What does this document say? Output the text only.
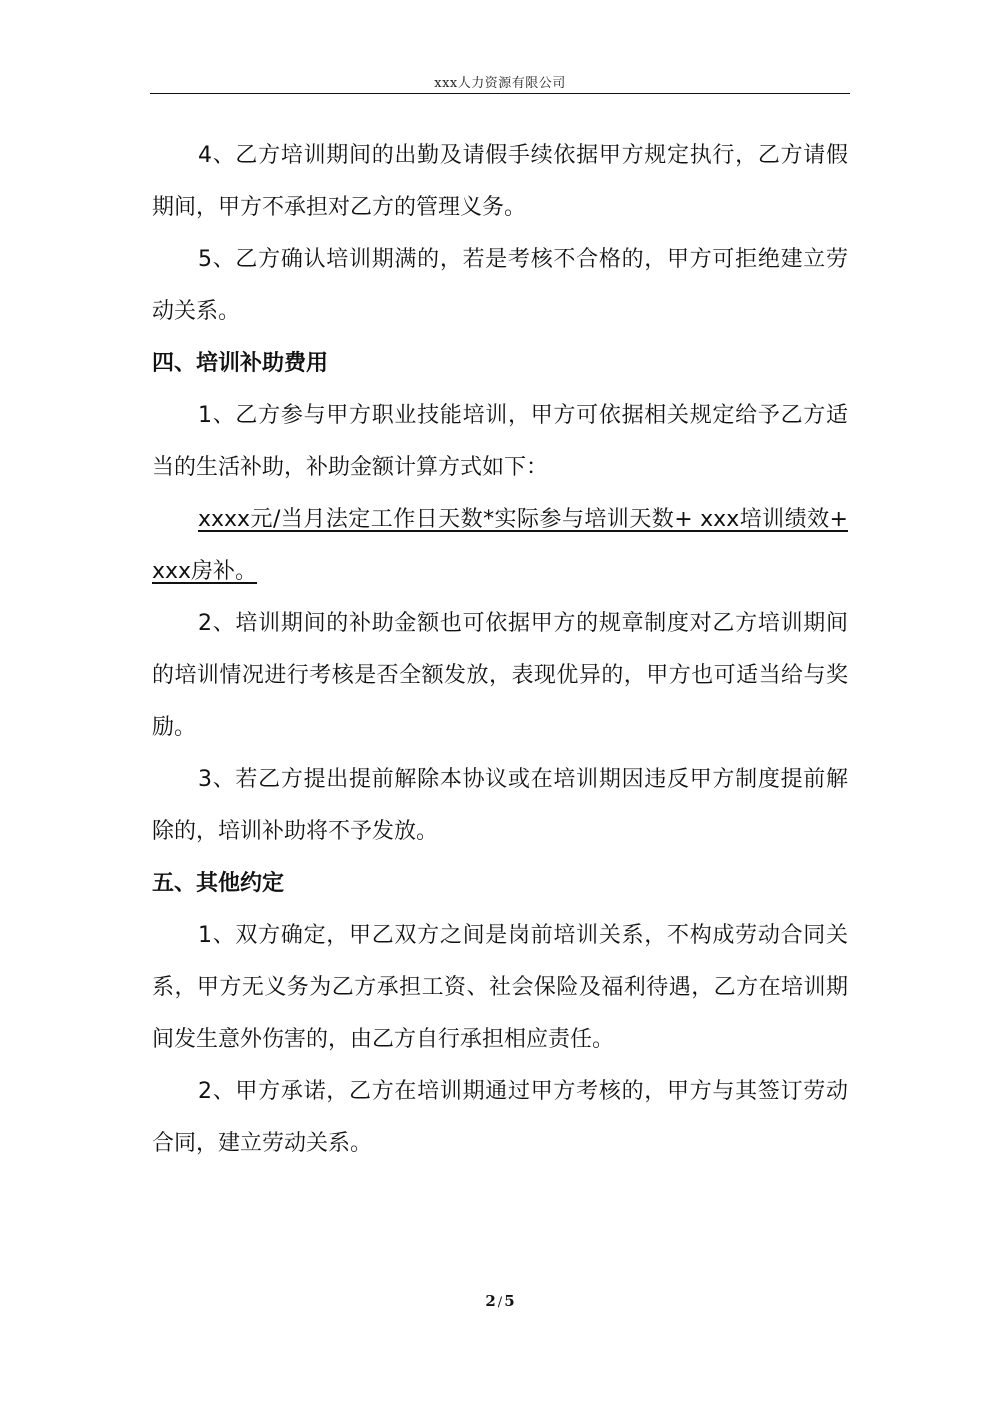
xxx人力资源有限公司

4、乙方培训期间的出勤及请假手续依据甲方规定执行，乙方请假期间，甲方不承担对乙方的管理义务。

5、乙方确认培训期满的，若是考核不合格的，甲方可拒绝建立劳动关系。

四、培训补助费用

1、乙方参与甲方职业技能培训，甲方可依据相关规定给予乙方适当的生活补助，补助金额计算方式如下：

xxxx元/当月法定工作日天数*实际参与培训天数+ xxx培训绩效+ xxx房补。

2、培训期间的补助金额也可依据甲方的规章制度对乙方培训期间的培训情况进行考核是否全额发放，表现优异的，甲方也可适当给与奖励。

3、若乙方提出提前解除本协议或在培训期因违反甲方制度提前解除的，培训补助将不予发放。

五、其他约定

1、双方确定，甲乙双方之间是岗前培训关系，不构成劳动合同关系，甲方无义务为乙方承担工资、社会保险及福利待遇，乙方在培训期间发生意外伤害的，由乙方自行承担相应责任。

2、甲方承诺，乙方在培训期通过甲方考核的，甲方与其签订劳动合同，建立劳动关系。

2 / 5
